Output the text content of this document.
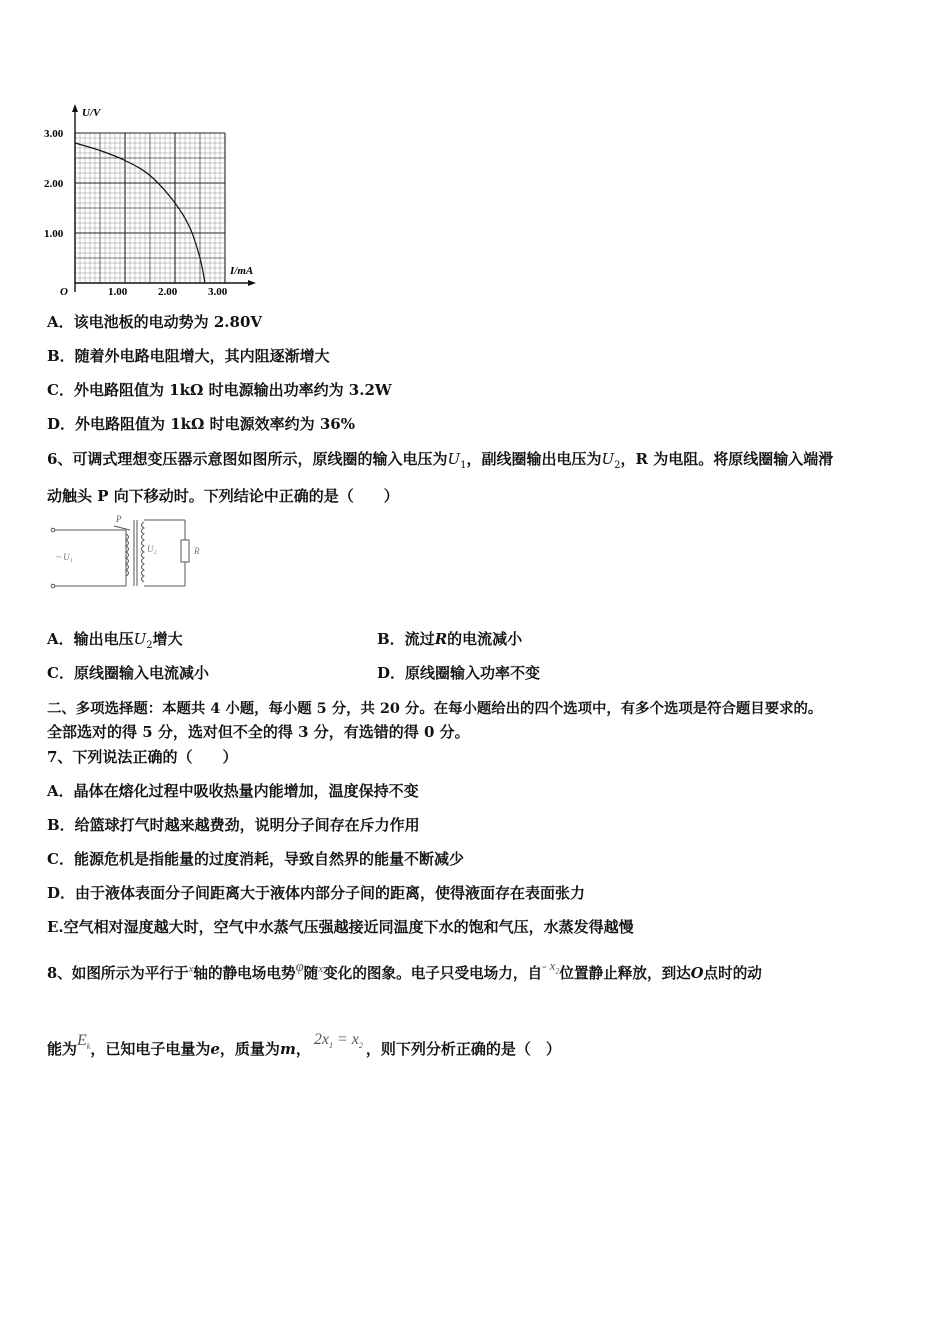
U/V
I/mA
O
3.00
2.00
1.00
1.00	2.00	3.00
A．该电池板的电动势为 2.80V
B．随着外电路电阻增大，其内阻逐渐增大
C．外电路阻值为 1kΩ 时电源输出功率约为 3.2W
D．外电路阻值为 1kΩ 时电源效率约为 36%
6、可调式理想变压器示意图如图所示，原线圈的输入电压为$U_1$，副线圈输出电压为$U_2$，R 为电阻。将原线圈输入端滑
动触头 P 向下移动时。下列结论中正确的是（　　）
P
~ U₁
U₂	R
A．输出电压$U_2$增大	B．流过R的电流减小
C．原线圈输入电流减小	D．原线圈输入功率不变
二、多项选择题：本题共 4 小题，每小题 5 分，共 20 分。在每小题给出的四个选项中，有多个选项是符合题目要求的。
全部选对的得 5 分，选对但不全的得 3 分，有选错的得 0 分。
7、下列说法正确的（　　）
A．晶体在熔化过程中吸收热量内能增加，温度保持不变
B．给篮球打气时越来越费劲，说明分子间存在斥力作用
C．能源危机是指能量的过度消耗，导致自然界的能量不断减少
D．由于液体表面分子间距离大于液体内部分子间的距离，使得液面存在表面张力
E.空气相对湿度越大时，空气中水蒸气压强越接近同温度下水的饱和气压，水蒸发得越慢
8、如图所示为平行于$^x$轴的静电场电势φ随$^x$变化的图象。电子只受电场力，自- $x_2$位置静止释放，到达O点时的动
能为$E_k$，已知电子电量为e，质量为m，$2x_1 = x_2$ ，则下列分析正确的是（　）
